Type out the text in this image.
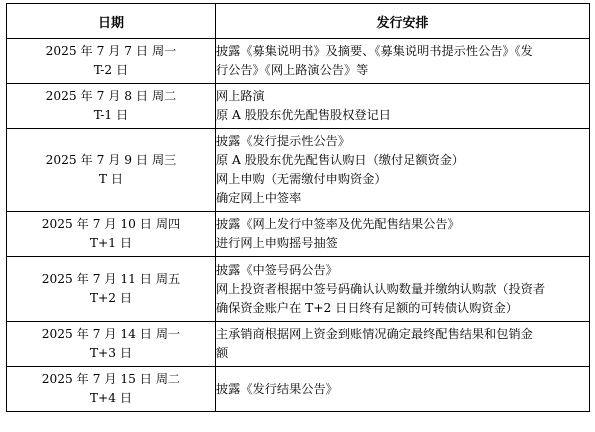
日期	发行安排

2025 年 7 月 7 日 周一
T-2 日	披露《募集说明书》及摘要、《募集说明书提示性公告》《发
行公告》《网上路演公告》等

2025 年 7 月 8 日 周二
T-1 日	网上路演
原 A 股股东优先配售股权登记日

2025 年 7 月 9 日 周三
T 日	披露《发行提示性公告》
原 A 股股东优先配售认购日（缴付足额资金）
网上申购（无需缴付申购资金）
确定网上中签率

2025 年 7 月 10 日 周四
T+1 日	披露《网上发行中签率及优先配售结果公告》
进行网上申购摇号抽签

2025 年 7 月 11 日 周五
T+2 日	披露《中签号码公告》
网上投资者根据中签号码确认认购数量并缴纳认购款（投资者
确保资金账户在 T+2 日日终有足额的可转债认购资金）

2025 年 7 月 14 日 周一
T+3 日	主承销商根据网上资金到账情况确定最终配售结果和包销金
额

2025 年 7 月 15 日 周二
T+4 日	披露《发行结果公告》
